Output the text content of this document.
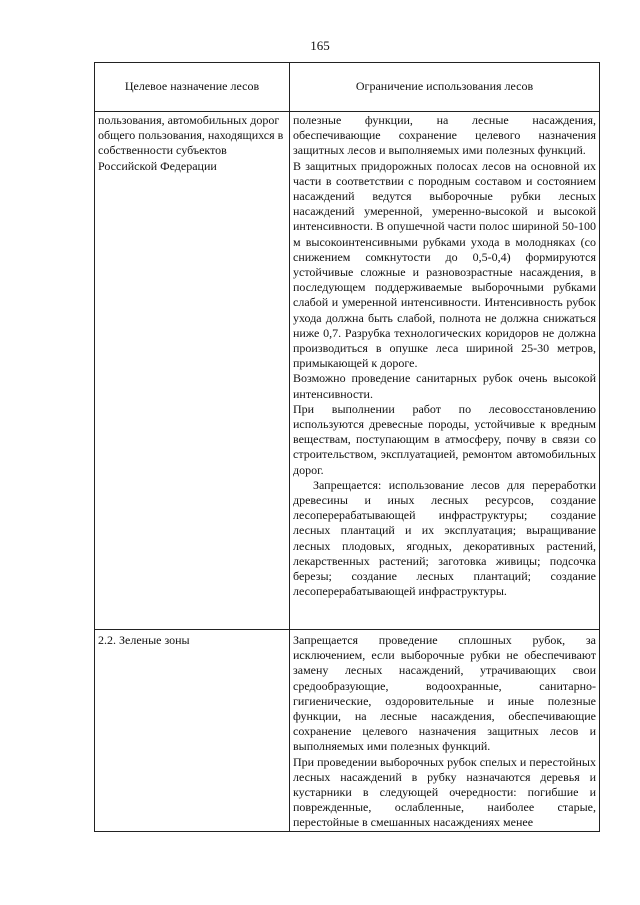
165
Целевое назначение лесов	Ограничение использования лесов

пользования, автомобильных дорог общего пользования, находящихся в собственности субъектов Российской Федерации	полезные функции, на лесные насаждения, обеспечивающие сохранение целевого назначения защитных лесов и выполняемых ими полезных функций.

В защитных придорожных полосах лесов на основной их части в соответствии с породным составом и состоянием насаждений ведутся выборочные рубки лесных насаждений умеренной, умеренно-высокой и высокой интенсивности. В опушечной части полос шириной 50-100 м высокоинтенсивными рубками ухода в молодняках (со снижением сомкнутости до 0,5-0,4) формируются устойчивые сложные и разновозрастные насаждения, в последующем поддерживаемые выборочными рубками слабой и умеренной интенсивности. Интенсивность рубок ухода должна быть слабой, полнота не должна снижаться ниже 0,7. Разрубка технологических коридоров не должна производиться в опушке леса шириной 25-30 метров, примыкающей к дороге.

Возможно проведение санитарных рубок очень высокой интенсивности.

При выполнении работ по лесовосстановлению используются древесные породы, устойчивые к вредным веществам, поступающим в атмосферу, почву в связи со строительством, эксплуатацией, ремонтом автомобильных дорог.

Запрещается: использование лесов для переработки древесины и иных лесных ресурсов, создание лесоперерабатывающей инфраструктуры; создание лесных плантаций и их эксплуатация; выращивание лесных плодовых, ягодных, декоративных растений, лекарственных растений; заготовка живицы; подсочка березы; создание лесных плантаций; создание лесоперерабатывающей инфраструктуры.

2.2. Зеленые зоны	Запрещается проведение сплошных рубок, за исключением, если выборочные рубки не обеспечивают замену лесных насаждений, утрачивающих свои средообразующие, водоохранные, санитарно-гигиенические, оздоровительные и иные полезные функции, на лесные насаждения, обеспечивающие сохранение целевого назначения защитных лесов и выполняемых ими полезных функций.

При проведении выборочных рубок спелых и перестойных лесных насаждений в рубку назначаются деревья и кустарники в следующей очередности: погибшие и поврежденные, ослабленные, наиболее старые, перестойные в смешанных насаждениях менее
